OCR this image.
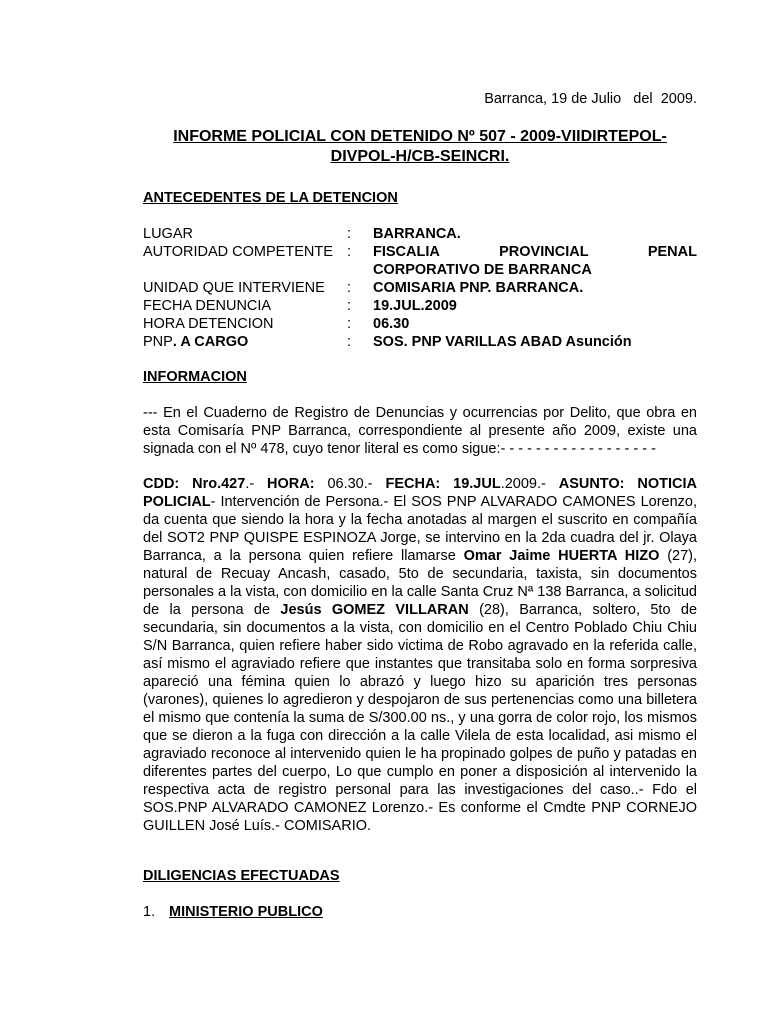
Barranca, 19 de Julio   del  2009.
INFORME POLICIAL CON DETENIDO Nº 507 - 2009-VIIDIRTEPOL-
DIVPOL-H/CB-SEINCRI.
ANTECEDENTES DE LA DETENCION
LUGAR	:	BARRANCA.
AUTORIDAD COMPETENTE :	FISCALIA	PROVINCIAL	PENAL
CORPORATIVO DE BARRANCA
UNIDAD QUE INTERVIENE	:	COMISARIA PNP. BARRANCA.
FECHA DENUNCIA	:	19.JUL.2009
HORA DETENCION	:	06.30
PNP. A CARGO	:	SOS. PNP VARILLAS ABAD Asunción
INFORMACION
--- En el Cuaderno de Registro de Denuncias y ocurrencias por Delito, que obra en esta Comisaría PNP Barranca, correspondiente al presente año 2009, existe una signada con el Nº 478, cuyo tenor literal es como sigue:- - - - - - - - - - - - - - - - - -
CDD: Nro.427.- HORA: 06.30.- FECHA: 19.JUL.2009.- ASUNTO: NOTICIA POLICIAL- Intervención de Persona.- El SOS PNP ALVARADO CAMONES Lorenzo, da cuenta que siendo la hora y la fecha anotadas al margen el suscrito en compañía del SOT2 PNP QUISPE ESPINOZA Jorge, se intervino en la 2da cuadra del jr. Olaya Barranca, a la persona quien refiere llamarse Omar Jaime HUERTA HIZO (27), natural de Recuay Ancash, casado, 5to de secundaria, taxista, sin documentos personales a la vista, con domicilio en la calle Santa Cruz Nª 138 Barranca, a solicitud de la persona de Jesús GOMEZ VILLARAN (28), Barranca, soltero, 5to de secundaria, sin documentos a la vista, con domicilio en el Centro Poblado Chiu Chiu S/N Barranca, quien refiere haber sido victima de Robo agravado en la referida calle, así mismo el agraviado refiere que instantes que transitaba solo en forma sorpresiva apareció una fémina quien lo abrazó y luego hizo su aparición tres personas (varones), quienes lo agredieron y despojaron de sus pertenencias como una billetera el mismo que contenía la suma de S/300.00 ns., y una gorra de color rojo, los mismos que se dieron a la fuga con dirección a la calle Vilela de esta localidad, asi mismo el agraviado reconoce al intervenido quien le ha propinado golpes de puño y patadas en diferentes partes del cuerpo, Lo que cumplo en poner a disposición al intervenido la respectiva acta de registro personal para las investigaciones del caso..- Fdo el SOS.PNP ALVARADO CAMONEZ Lorenzo.- Es conforme el Cmdte PNP CORNEJO GUILLEN José Luís.- COMISARIO.
DILIGENCIAS EFECTUADAS
1. MINISTERIO PUBLICO
